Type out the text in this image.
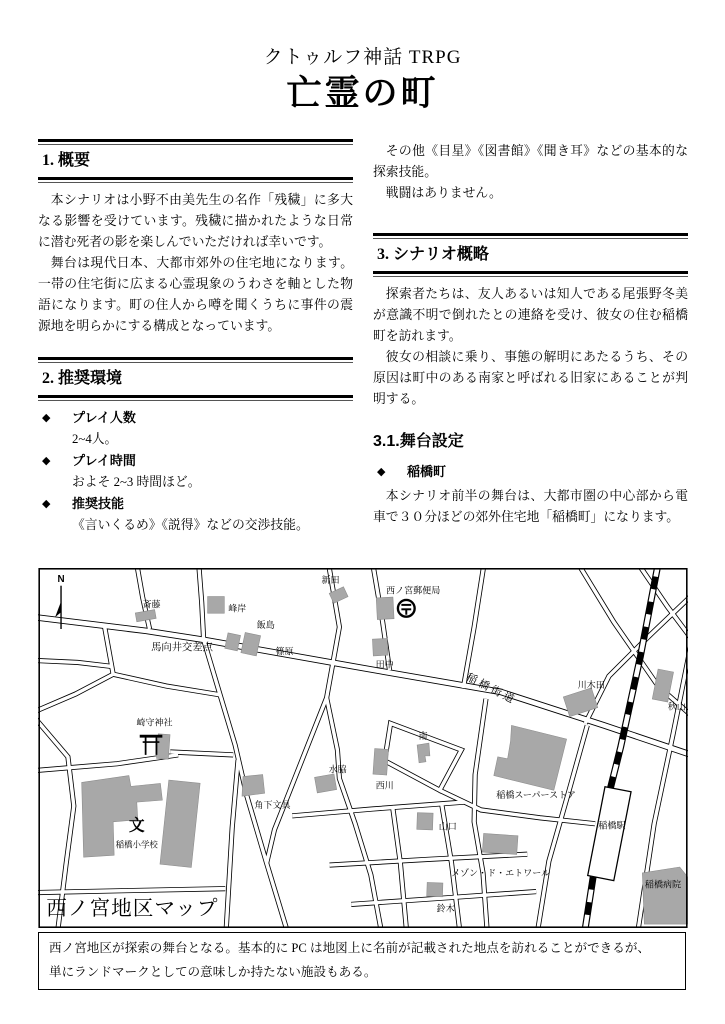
クトゥルフ神話 TRPG
亡霊の町
1. 概要

本シナリオは小野不由美先生の名作「残穢」に多大なる影響を受けています。残穢に描かれたような日常に潜む死者の影を楽しんでいただければ幸いです。

舞台は現代日本、大都市郊外の住宅地になります。一帯の住宅街に広まる心霊現象のうわさを軸とした物語になります。町の住人から噂を聞くうちに事件の震源地を明らかにする構成となっています。

2. 推奨環境
◆ プレイ人数
2~4人。
◆ プレイ時間
およそ 2~3 時間ほど。
◆ 推奨技能
《言いくるめ》《説得》などの交渉技能。

その他《目星》《図書館》《聞き耳》などの基本的な探索技能。

戦闘はありません。

3. シナリオ概略

探索者たちは、友人あるいは知人である尾張野冬美が意識不明で倒れたとの連絡を受け、彼女の住む稲橋町を訪れます。

彼女の相談に乗り、事態の解明にあたるうち、その原因は町中のある南家と呼ばれる旧家にあることが判明する。

3.1.舞台設定
◆ 稲橋町

本シナリオ前半の舞台は、大都市圏の中心部から電車で３０分ほどの郊外住宅地「稲橋町」になります。

N
斎藤	峰岸
新田
飯島
篠原
馬向井交差点
西ノ宮郵便局
田中
稲橋街道	川木田
秋山
崎守神社
南
西川
水脇
角下文具
稲橋スーパーストア
山口
メゾン・ド・エトワール
鈴木
文
稲橋小学校
稲橋駅
稲橋病院
西ノ宮地区マップ
西ノ宮地区が探索の舞台となる。基本的に PC は地図上に名前が記載された地点を訪れることができるが、
単にランドマークとしての意味しか持たない施設もある。
